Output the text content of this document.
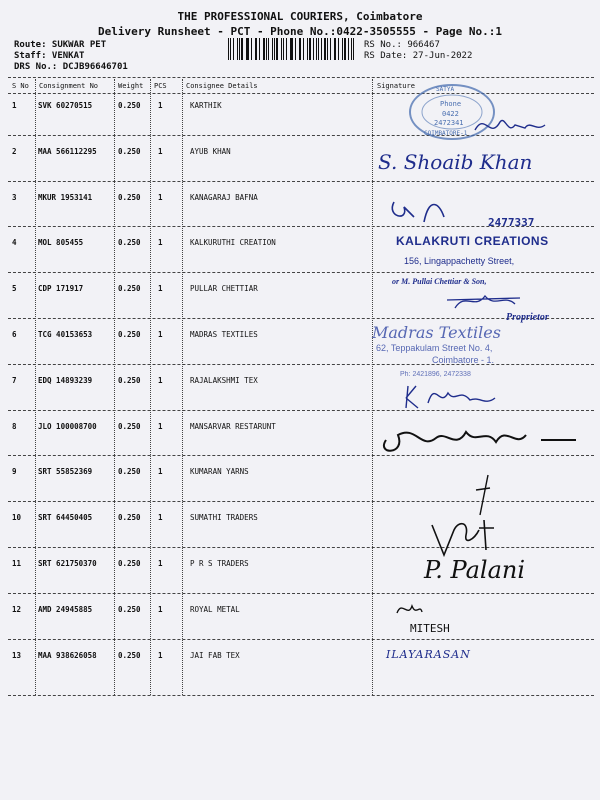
THE PROFESSIONAL COURIERS, Coimbatore
Delivery Runsheet - PCT - Phone No.:0422-3505555 - Page No.:1
Route: SUKWAR PET
Staff: VENKAT
DRS No.: DCJB96646701
RS No.: 966467
RS Date: 27-Jun-2022
S No Consignment No	Weight PCS	Consignee Details	Signature
1	SVK 60270515	0.250 1	KARTHIK
2	MAA 566112295	0.250 1	AYUB KHAN
3	MKUR 1953141	0.250 1	KANAGARAJ BAFNA
4	MOL 805455	0.250 1	KALKURUTHI CREATION
5	CDP 171917	0.250 1	PULLAR CHETTIAR
6	TCG 40153653	0.250 1	MADRAS TEXTILES
7	EDQ 14893239	0.250 1	RAJALAKSHMI TEX
8	JLO 100008700	0.250 1	MANSARVAR RESTARUNT
9	SRT 55852369	0.250 1	KUMARAN YARNS
10 SRT 64450405	0.250 1	SUMATHI TRADERS
11 SRT 621750370	0.250 1	P R S TRADERS
12 AMD 24945885	0.250 1	ROYAL METAL
13 MAA 938626058	0.250 1	JAI FAB TEX
SATYA
Phone
0422
2472341
COIMBATORE-1
S. Shoaib Khan
2477337
KALAKRUTI CREATIONS
156, Lingappachetty Street,
or M. Pullai Chettiar & Son,
Proprietor
Madras Textiles
62, Teppakulam Street No. 4,
Coimbatore - 1.
Ph: 2421896, 2472338
P. Palani
MITESH
ILAYARASAN
